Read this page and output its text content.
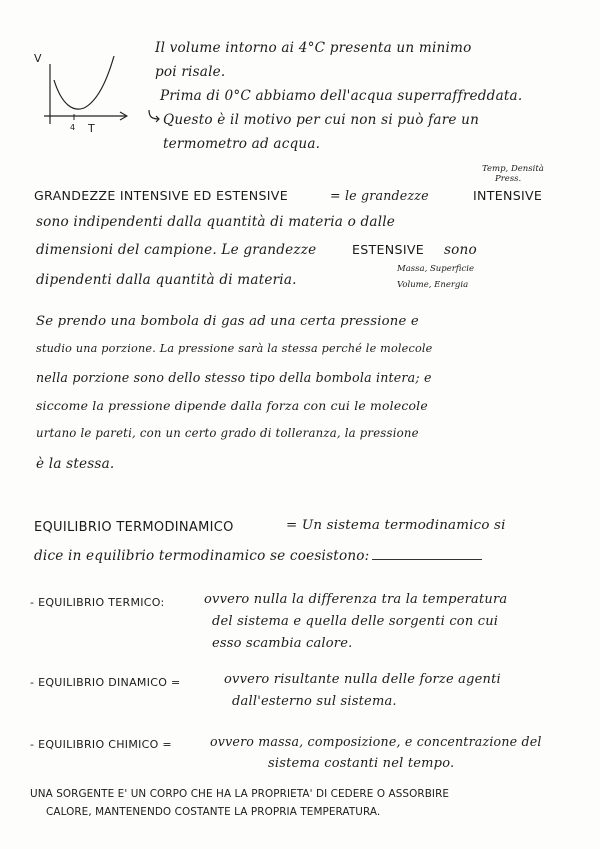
V
4 T
Il volume intorno ai 4°C presenta un minimo
poi risale.
Prima di 0°C abbiamo dell'acqua superraffreddata.
Questo è il motivo per cui non si può fare un
termometro ad acqua.
Temp, Densità
Press.
GRANDEZZE INTENSIVE ED ESTENSIVE	= le grandezze	INTENSIVE
sono indipendenti dalla quantità di materia o dalle
dimensioni del campione. Le grandezze	ESTENSIVE sono
dipendenti dalla quantità di materia.
Massa, Superficie
Volume, Energia
Se prendo una bombola di gas ad una certa pressione e
studio una porzione. La pressione sarà la stessa perché le molecole
nella porzione sono dello stesso tipo della bombola intera; e
siccome la pressione dipende dalla forza con cui le molecole
urtano le pareti, con un certo grado di tolleranza, la pressione
è la stessa.
EQUILIBRIO TERMODINAMICO	= Un sistema termodinamico si
dice in equilibrio termodinamico se coesistono:
- EQUILIBRIO TERMICO:	ovvero nulla la differenza tra la temperatura
del sistema e quella delle sorgenti con cui
esso scambia calore.
- EQUILIBRIO DINAMICO =	ovvero risultante nulla delle forze agenti
dall'esterno sul sistema.
- EQUILIBRIO CHIMICO =	ovvero massa, composizione, e concentrazione del
sistema costanti nel tempo.
UNA SORGENTE E' UN CORPO CHE HA LA PROPRIETA' DI CEDERE O ASSORBIRE
CALORE, MANTENENDO COSTANTE LA PROPRIA TEMPERATURA.
